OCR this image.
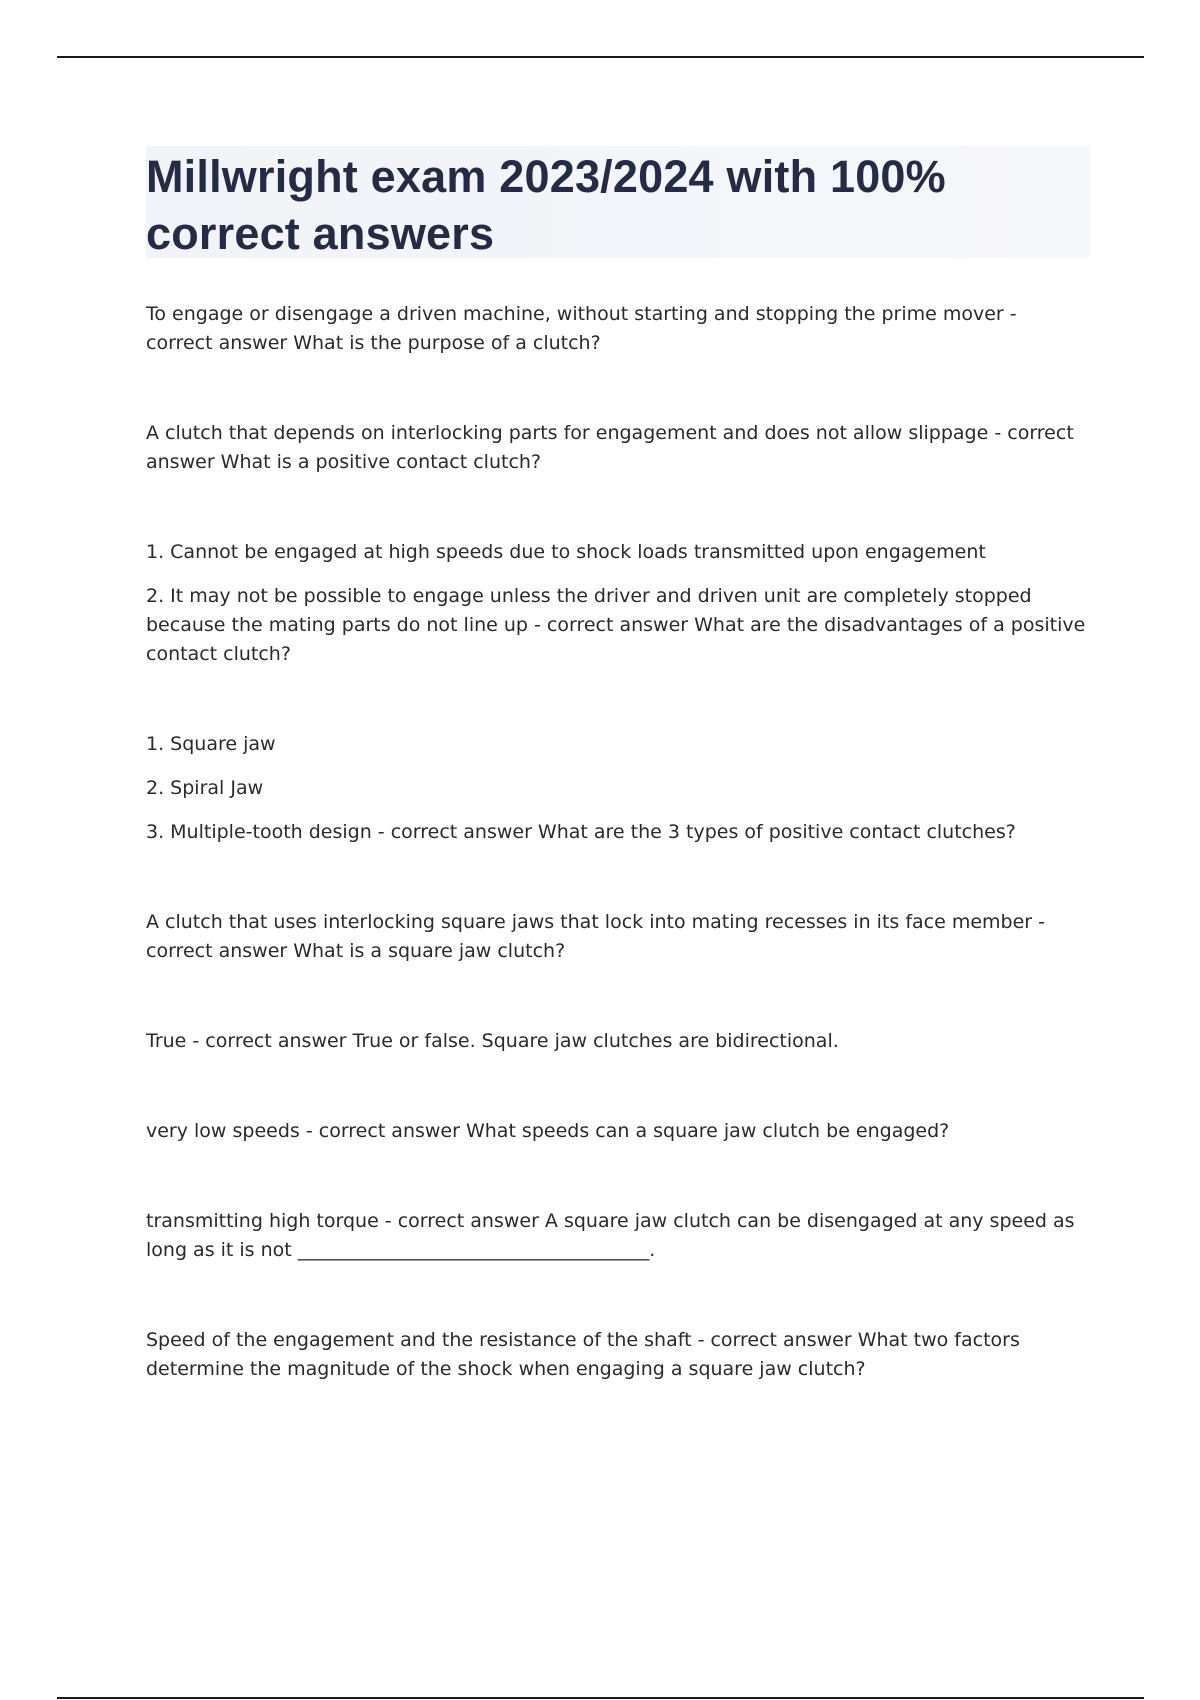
Millwright exam 2023/2024 with 100% correct answers

To engage or disengage a driven machine, without starting and stopping the prime mover - correct answer What is the purpose of a clutch?

A clutch that depends on interlocking parts for engagement and does not allow slippage - correct answer What is a positive contact clutch?

1. Cannot be engaged at high speeds due to shock loads transmitted upon engagement

2. It may not be possible to engage unless the driver and driven unit are completely stopped because the mating parts do not line up - correct answer What are the disadvantages of a positive contact clutch?

1. Square jaw

2. Spiral Jaw

3. Multiple-tooth design - correct answer What are the 3 types of positive contact clutches?

A clutch that uses interlocking square jaws that lock into mating recesses in its face member - correct answer What is a square jaw clutch?

True - correct answer True or false. Square jaw clutches are bidirectional.

very low speeds - correct answer What speeds can a square jaw clutch be engaged?

transmitting high torque - correct answer A square jaw clutch can be disengaged at any speed as long as it is not _____________________________________.

Speed of the engagement and the resistance of the shaft - correct answer What two factors determine the magnitude of the shock when engaging a square jaw clutch?
